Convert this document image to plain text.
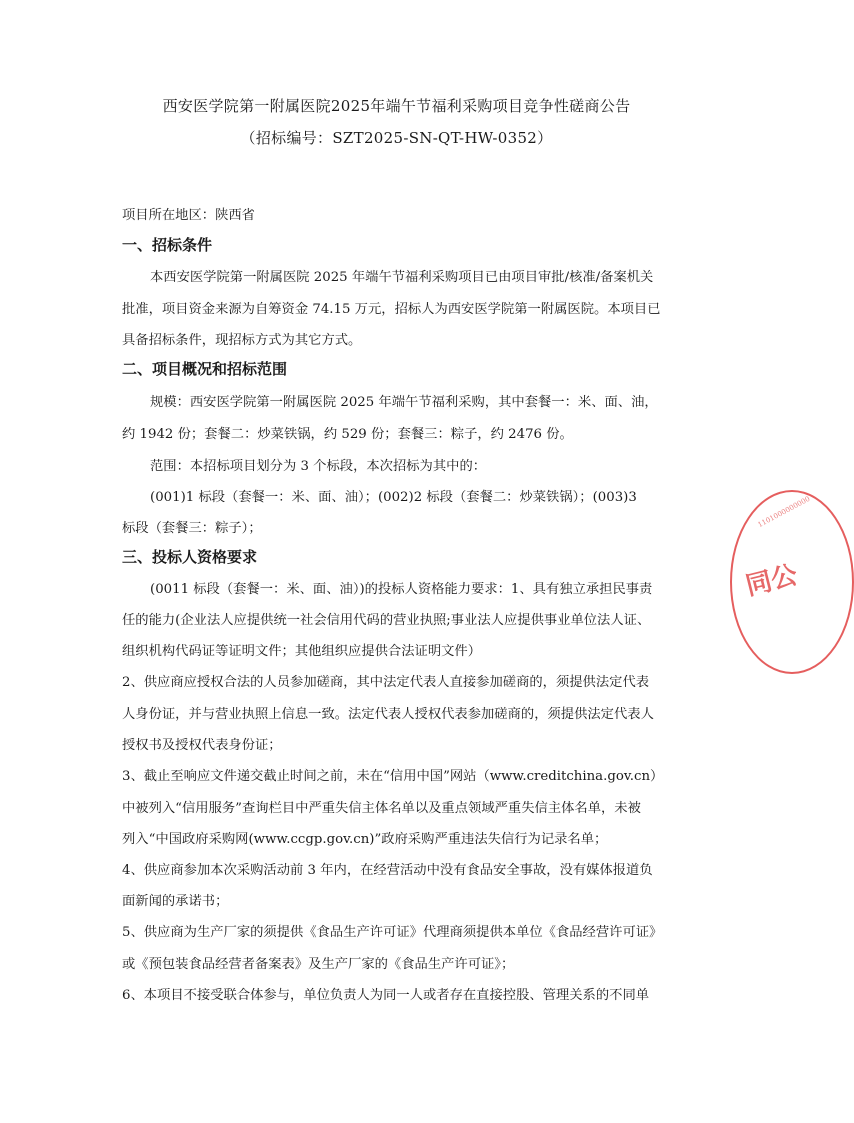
西安医学院第一附属医院2025年端午节福利采购项目竞争性磋商公告
（招标编号：SZT2025-SN-QT-HW-0352）
项目所在地区：陕西省
一、招标条件
本西安医学院第一附属医院 2025 年端午节福利采购项目已由项目审批/核准/备案机关
批准，项目资金来源为自筹资金 74.15 万元，招标人为西安医学院第一附属医院。本项目已
具备招标条件，现招标方式为其它方式。
二、项目概况和招标范围
规模：西安医学院第一附属医院 2025 年端午节福利采购，其中套餐一：米、面、油，
约 1942 份；套餐二：炒菜铁锅，约 529 份；套餐三：粽子，约 2476 份。
范围：本招标项目划分为 3 个标段，本次招标为其中的：
(001)1 标段（套餐一：米、面、油）；(002)2 标段（套餐二：炒菜铁锅）；(003)3
标段（套餐三：粽子）；
三、投标人资格要求
(0011 标段（套餐一：米、面、油）)的投标人资格能力要求：1、具有独立承担民事责
任的能力(企业法人应提供统一社会信用代码的营业执照;事业法人应提供事业单位法人证、
组织机构代码证等证明文件；其他组织应提供合法证明文件）
2、供应商应授权合法的人员参加磋商，其中法定代表人直接参加磋商的，须提供法定代表
人身份证，并与营业执照上信息一致。法定代表人授权代表参加磋商的，须提供法定代表人
授权书及授权代表身份证；
3、截止至响应文件递交截止时间之前，未在“信用中国”网站（www.creditchina.gov.cn）
中被列入“信用服务”查询栏目中严重失信主体名单以及重点领域严重失信主体名单，未被
列入“中国政府采购网(www.ccgp.gov.cn)”政府采购严重违法失信行为记录名单；
4、供应商参加本次采购活动前 3 年内，在经营活动中没有食品安全事故，没有媒体报道负
面新闻的承诺书；
5、供应商为生产厂家的须提供《食品生产许可证》代理商须提供本单位《食品经营许可证》
或《预包装食品经营者备案表》及生产厂家的《食品生产许可证》；
6、本项目不接受联合体参与，单位负责人为同一人或者存在直接控股、管理关系的不同单
1101000000000
同公
